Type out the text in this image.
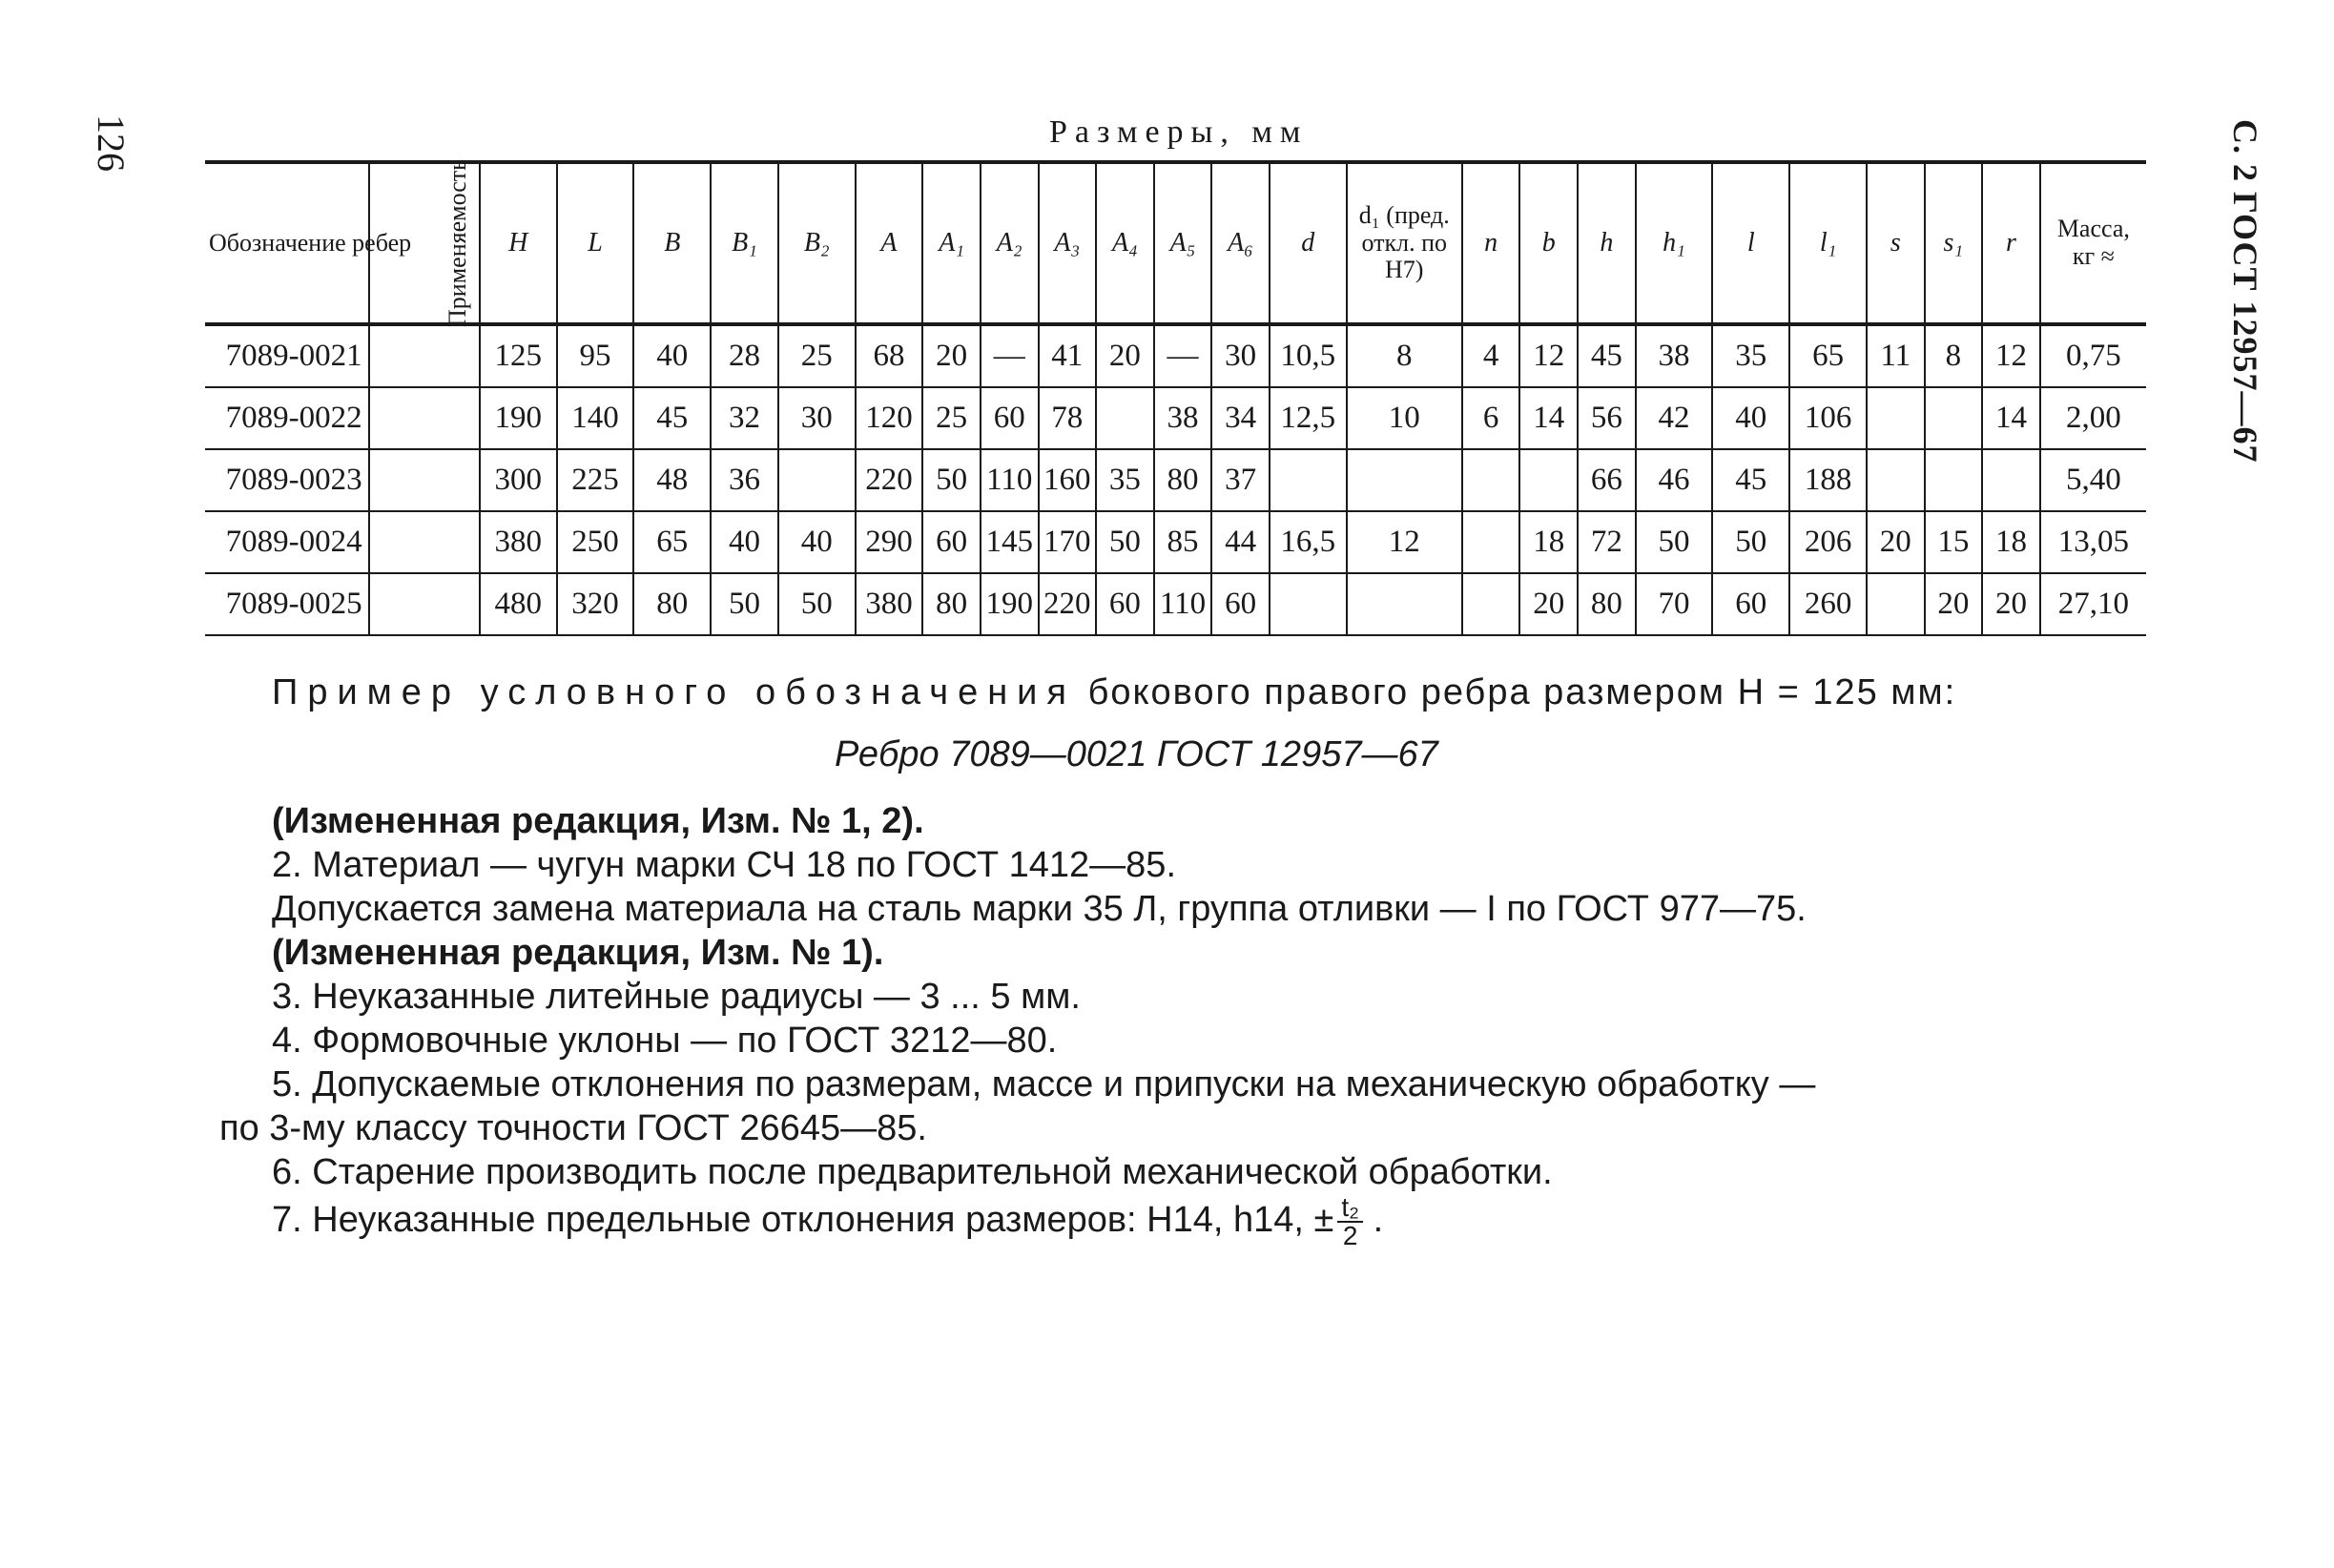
126	С. 2 ГОСТ 12957—67
Размеры, мм
Обозначение ребер	Применяемость	H	L	B	B₁	B₂	A	A₁	A₂	A₃	A₄	A₅	A₆	d	d₁ (пред. откл. по H7)	n	b	h	h₁	l	l₁	s	s₁	r	Масса, кг ≈
7089-0021		125	95	40	28	25	68	20	—	41	20	—	30	10,5	8	4	12	45	38	35	65	11	8	12	0,75
7089-0022		190	140	45	32	30	120	25	60	78		38	34	12,5	10	6	14	56	42	40	106			14	2,00
7089-0023		300	225	48	36		220	50	110	160	35	80	37					66	46	45	188				5,40
7089-0024		380	250	65	40	40	290	60	145	170	50	85	44	16,5	12		18	72	50	50	206	20	15	18	13,05
7089-0025		480	320	80	50	50	380	80	190	220	60	110	60				20	80	70	60	260		20	20	27,10
Пример условного обозначения бокового правого ребра размером H = 125 мм:
Ребро 7089—0021 ГОСТ 12957—67

(Измененная редакция, Изм. № 1, 2).

2. Материал — чугун марки СЧ 18 по ГОСТ 1412—85.

Допускается замена материала на сталь марки 35 Л, группа отливки — I по ГОСТ 977—75.

(Измененная редакция, Изм. № 1).

3. Неуказанные литейные радиусы — 3 ... 5 мм.

4. Формовочные уклоны — по ГОСТ 3212—80.

5. Допускаемые отклонения по размерам, массе и припуски на механическую обработку —

по 3-му классу точности ГОСТ 26645—85.

6. Старение производить после предварительной механической обработки.

7. Неуказанные предельные отклонения размеров: H14, h14, ± $\frac{\text{t₂}}{2}$ .
